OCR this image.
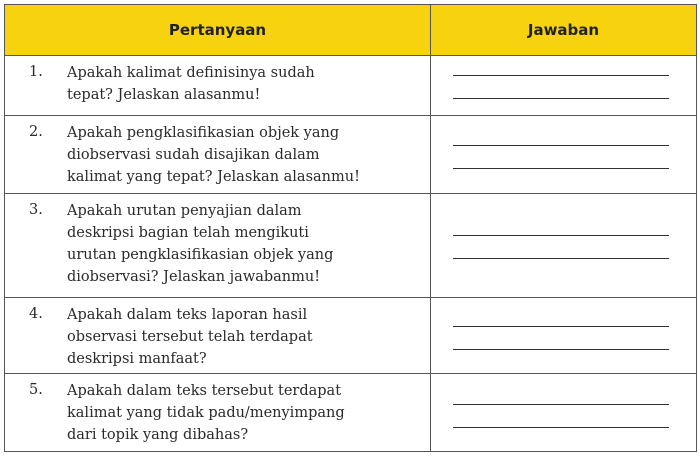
Pertanyaan	Jawaban

1. Apakah kalimat definisinya sudah
tepat? Jelaskan alasanmu!	

2. Apakah pengklasifikasian objek yang
diobservasi sudah disajikan dalam
kalimat yang tepat? Jelaskan alasanmu!	

3. Apakah urutan penyajian dalam
deskripsi bagian telah mengikuti
urutan pengklasifikasian objek yang
diobservasi? Jelaskan jawabanmu!	

4. Apakah dalam teks laporan hasil
observasi tersebut telah terdapat
deskripsi manfaat?	

5. Apakah dalam teks tersebut terdapat
kalimat yang tidak padu/menyimpang
dari topik yang dibahas?	
